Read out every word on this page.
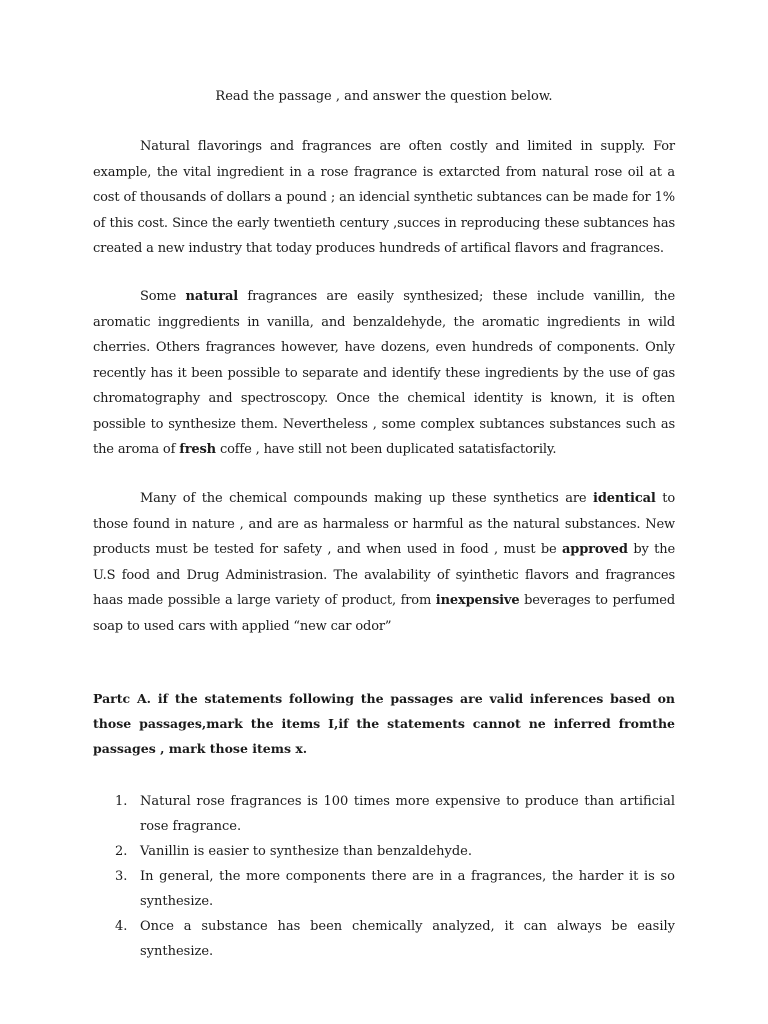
Read the passage , and answer the question below.

Natural flavorings and fragrances are often costly and limited in supply. For example, the vital ingredient in a rose fragrance is extarcted from natural rose oil at a cost of thousands of dollars a pound ; an idencial synthetic subtances can be made for 1% of this cost. Since the early twentieth century ,succes in reproducing these subtances has created a new industry that today produces hundreds of artifical flavors and fragrances.

Some natural fragrances are easily synthesized; these include vanillin, the aromatic inggredients in vanilla, and benzaldehyde, the aromatic ingredients in wild cherries. Others fragrances however, have dozens, even hundreds of components. Only recently has it been possible to separate and identify these ingredients by the use of gas chromatography and spectroscopy. Once the chemical identity is known, it is often possible to synthesize them. Nevertheless , some complex subtances substances such as the aroma of fresh coffe , have still not been duplicated satatisfactorily.

Many of the chemical compounds making up these synthetics are identical to those found in nature , and are as harmaless or harmful as the natural substances. New products must be tested for safety , and when used in food , must be approved by the U.S food and Drug Administrasion. The avalability of syinthetic flavors and fragrances haas made possible a large variety of product, from inexpensive beverages to perfumed soap to used cars with applied “new car odor”

Partc A. if the statements following the passages are valid inferences based on those passages,mark the items I,if the statements cannot ne inferred fromthe passages , mark those items x.

1. Natural rose fragrances is 100 times more expensive to produce than artificial rose fragrance.
2. Vanillin is easier to synthesize than benzaldehyde.
3. In general, the more components there are in a fragrances, the harder it is so synthesize.
4. Once a substance has been chemically analyzed, it can always be easily synthesize.
